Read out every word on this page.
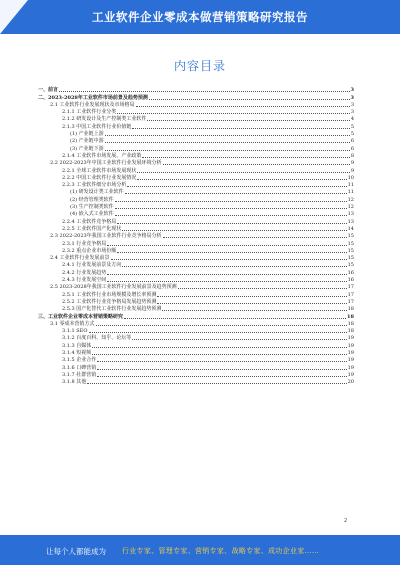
工业软件企业零成本做营销策略研究报告
内容目录
一、前言	3
二、2023-2028年工业软件市场前景及趋势预测	3
2.1 工业软件行业发展现状及市场格局	3
2.1.1 工业软件行业分类	3
2.1.2 研发设计及生产控制类工业软件	4
2.1.3 中国工业软件行业价值链	5
(1) 产业链上游	5
(2) 产业链中游	6
(3) 产业链下游	6
2.1.4 工业软件市场发展、产业政策	8
2.2 2022-2023年中国工业软件行业发展环境分析	9
2.2.1 全球工业软件市场发展现状	9
2.2.2 中国工业软件行业发展情况	10
2.2.3 工业软件细分市场分析	11
(1) 研发设计类工业软件	11
(2) 经营管理类软件	12
(3) 生产控制类软件	12
(4) 嵌入式工业软件	13
2.2.4 工业软件竞争格局	13
2.2.5 工业软件国产化现状	14
2.3 2022-2023年我国工业软件行业竞争格局分析	15
2.3.1 行业竞争格局	15
2.3.2 重点企业市场份额	15
2.4 工业软件行业发展前景	15
2.4.1 行业发展前景及方向	15
2.4.2 行业发展趋势	16
2.4.3 行业发展空间	16
2.5 2023-2028年我国工业软件行业发展前景及趋势预测	17
2.5.1 工业软件行业市场规模及增长率预测	17
2.5.2 工业软件行业竞争格局发展趋势预测	17
2.5.3 国产化替代工业软件行业发展趋势预测	18
三、工业软件企业零成本营销策略研究	18
3.1 零成本营销方式	18
3.1.1 SEO	18
3.1.2 百度百科、知乎、论坛等	19
3.1.3 自媒体	19
3.1.4 短视频	19
3.1.5 企业合作	19
3.1.6 口碑营销	19
3.1.7 社群营销	19
3.1.8 其他	20
2
让每个人都能成为 行业专家、管理专家、营销专家、战略专家、成功企业家……
